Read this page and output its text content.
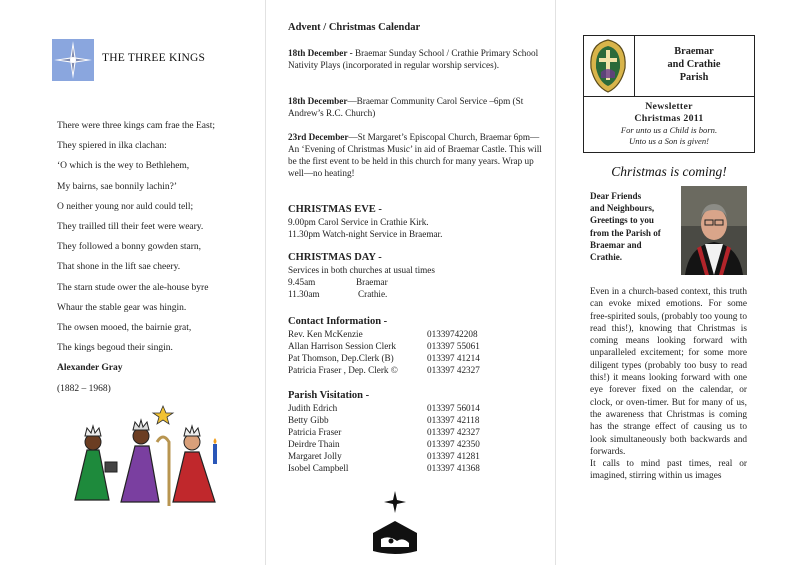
THE THREE KINGS
There were three kings cam frae the East;
They spiered in ilka clachan:
‘O which is the wey to Bethlehem,
My bairns, sae bonnily lachin?’
O neither young nor auld could tell;
They trailled till their feet were weary.
They followed a bonny gowden starn,
That shone in the lift sae cheery.
The starn stude ower the ale-house byre
Whaur the stable gear was hingin.
The owsen mooed, the bairnie grat,
The kings begoud their singin.
Alexander Gray
(1882 – 1968)

Advent / Christmas Calendar

18th December - Braemar Sunday School / Crathie Primary School Nativity Plays (incorporated in regular worship services).

18th December—Braemar Community Carol Service –6pm (St Andrew’s R.C. Church)

23rd December—St Margaret’s Episcopal Church, Braemar 6pm—An ‘Evening of Christmas Music’ in aid of Braemar Castle. This will be the first event to be held in this church for many years. Wrap up well—no heating!

CHRISTMAS EVE -

9.00pm Carol Service in Crathie Kirk.

11.30pm Watch-night Service in Braemar.

CHRISTMAS DAY -

Services in both churches at usual times

9.45am	Braemar
11.30am	Crathie.

Contact Information -

Rev. Ken McKenzie	01339742208
Allan Harrison Session Clerk	013397 55061
Pat Thomson, Dep.Clerk (B)	013397 41214
Patricia Fraser , Dep. Clerk ©	013397 42327

Parish Visitation -

Judith Edrich	013397 56014
Betty Gibb	013397 42118
Patricia Fraser	013397 42327
Deirdre Thain	013397 42350
Margaret Jolly	013397 41281
Isobel Campbell	013397 41368
Braemar
and Crathie
Parish
Newsletter
Christmas 2011
For unto us a Child is born.
Unto us a Son is given!
Christmas is coming!
Dear Friends
and Neighbours,
Greetings to you
from the Parish of
Braemar and
Crathie.

Even in a church-based context, this truth can evoke mixed emotions. For some free-spirited souls, (probably too young to read this!), knowing that Christmas is coming means looking forward with unparalleled excitement; for some more diligent types (probably too busy to read this!) it means looking forward with one eye forever fixed on the calendar, or clock, or oven-timer. But for many of us, the awareness that Christmas is coming has the strange effect of causing us to look simultaneously both backwards and forwards.

It calls to mind past times, real or imagined, stirring within us images
